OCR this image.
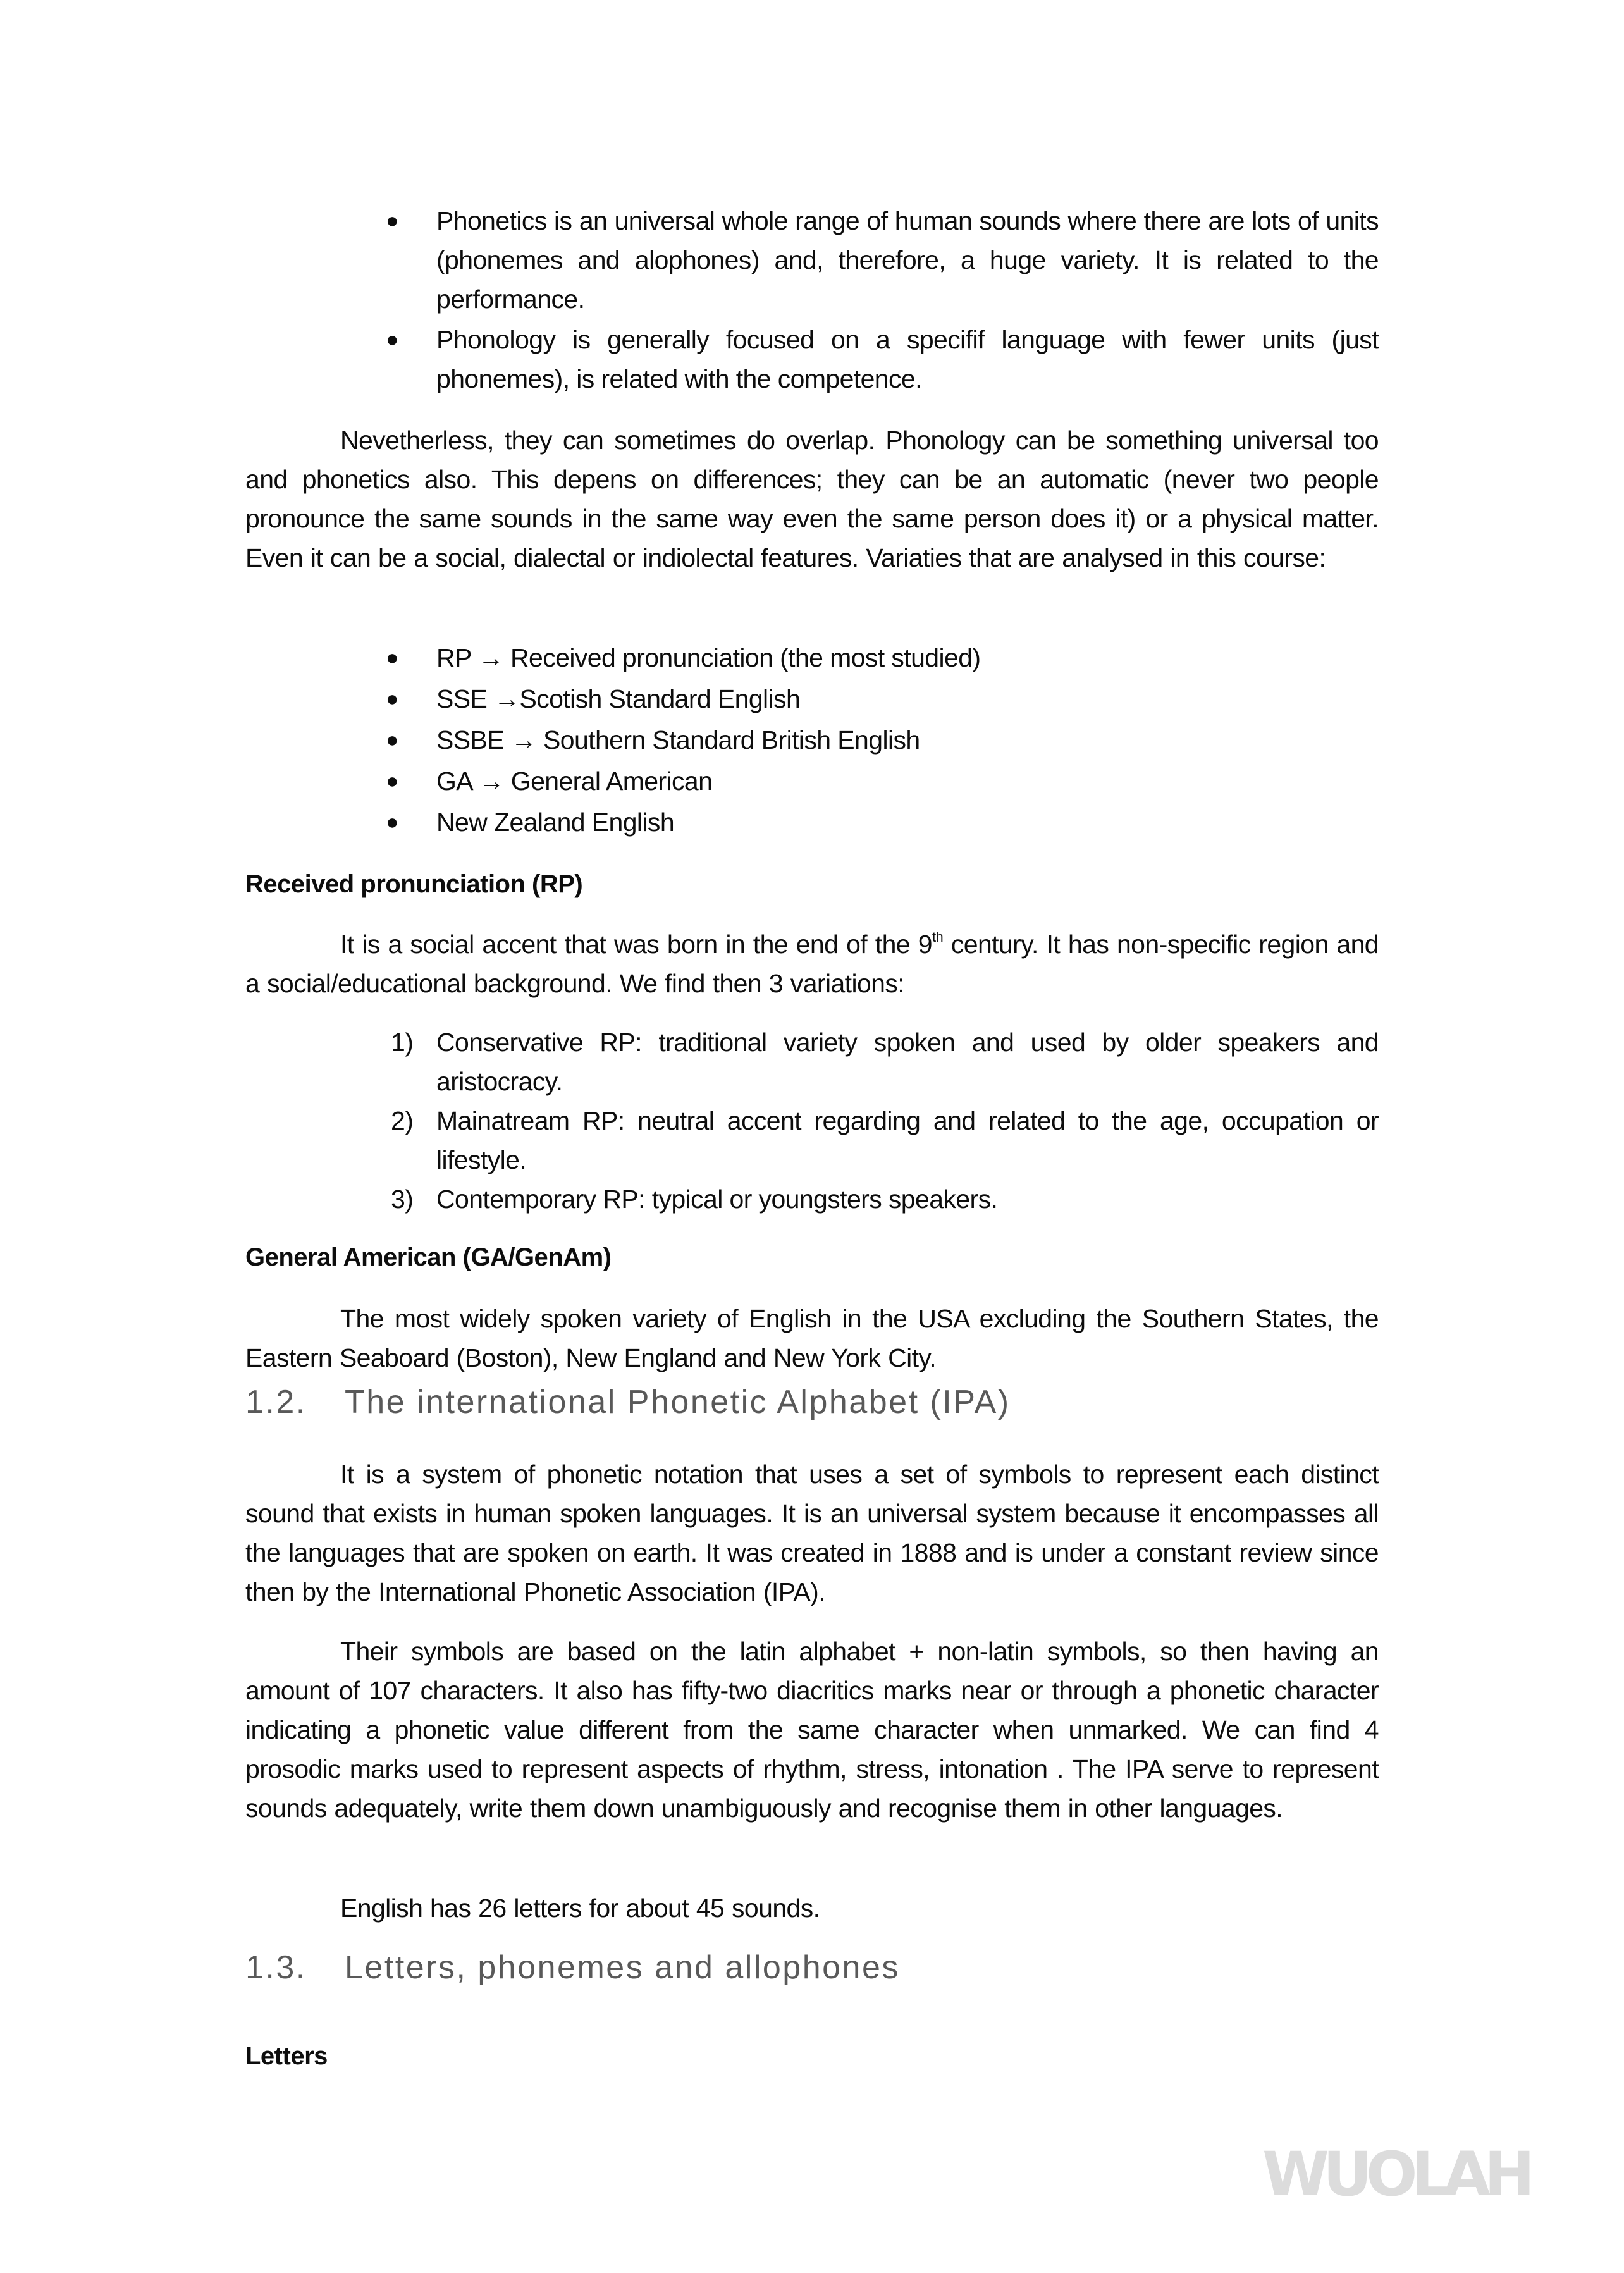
● Phonetics is an universal whole range of human sounds where there are lots of units (phonemes and alophones) and, therefore, a huge variety. It is related to the performance.
● Phonology is generally focused on a specifif language with fewer units (just phonemes), is related with the competence.

Nevetherless, they can sometimes do overlap. Phonology can be something universal too and phonetics also. This depens on differences; they can be an automatic (never two people pronounce the same sounds in the same way even the same person does it) or a physical matter. Even it can be a social, dialectal or indiolectal features. Variaties that are analysed in this course:

● RP → Received pronunciation (the most studied)
● SSE →Scotish Standard English
● SSBE → Southern Standard British English
● GA → General American
● New Zealand English
Received pronunciation (RP)

It is a social accent that was born in the end of the 9th century. It has non-specific region and a social/educational background. We find then 3 variations:

1) Conservative RP: traditional variety spoken and used by older speakers and aristocracy.
2) Mainatream RP: neutral accent regarding and related to the age, occupation or lifestyle.
3) Contemporary RP: typical or youngsters speakers.
General American (GA/GenAm)

The most widely spoken variety of English in the USA excluding the Southern States, the Eastern Seaboard (Boston), New England and New York City.

1.2. The international Phonetic Alphabet (IPA)

It is a system of phonetic notation that uses a set of symbols to represent each distinct sound that exists in human spoken languages. It is an universal system because it encompasses all the languages that are spoken on earth. It was created in 1888 and is under a constant review since then by the International Phonetic Association (IPA).

Their symbols are based on the latin alphabet + non-latin symbols, so then having an amount of 107 characters. It also has fifty-two diacritics marks near or through a phonetic character indicating a phonetic value different from the same character when unmarked. We can find 4 prosodic marks used to represent aspects of rhythm, stress, intonation . The IPA serve to represent sounds adequately, write them down unambiguously and recognise them in other languages.

English has 26 letters for about 45 sounds.

1.3. Letters, phonemes and allophones
Letters
WUOLAH
